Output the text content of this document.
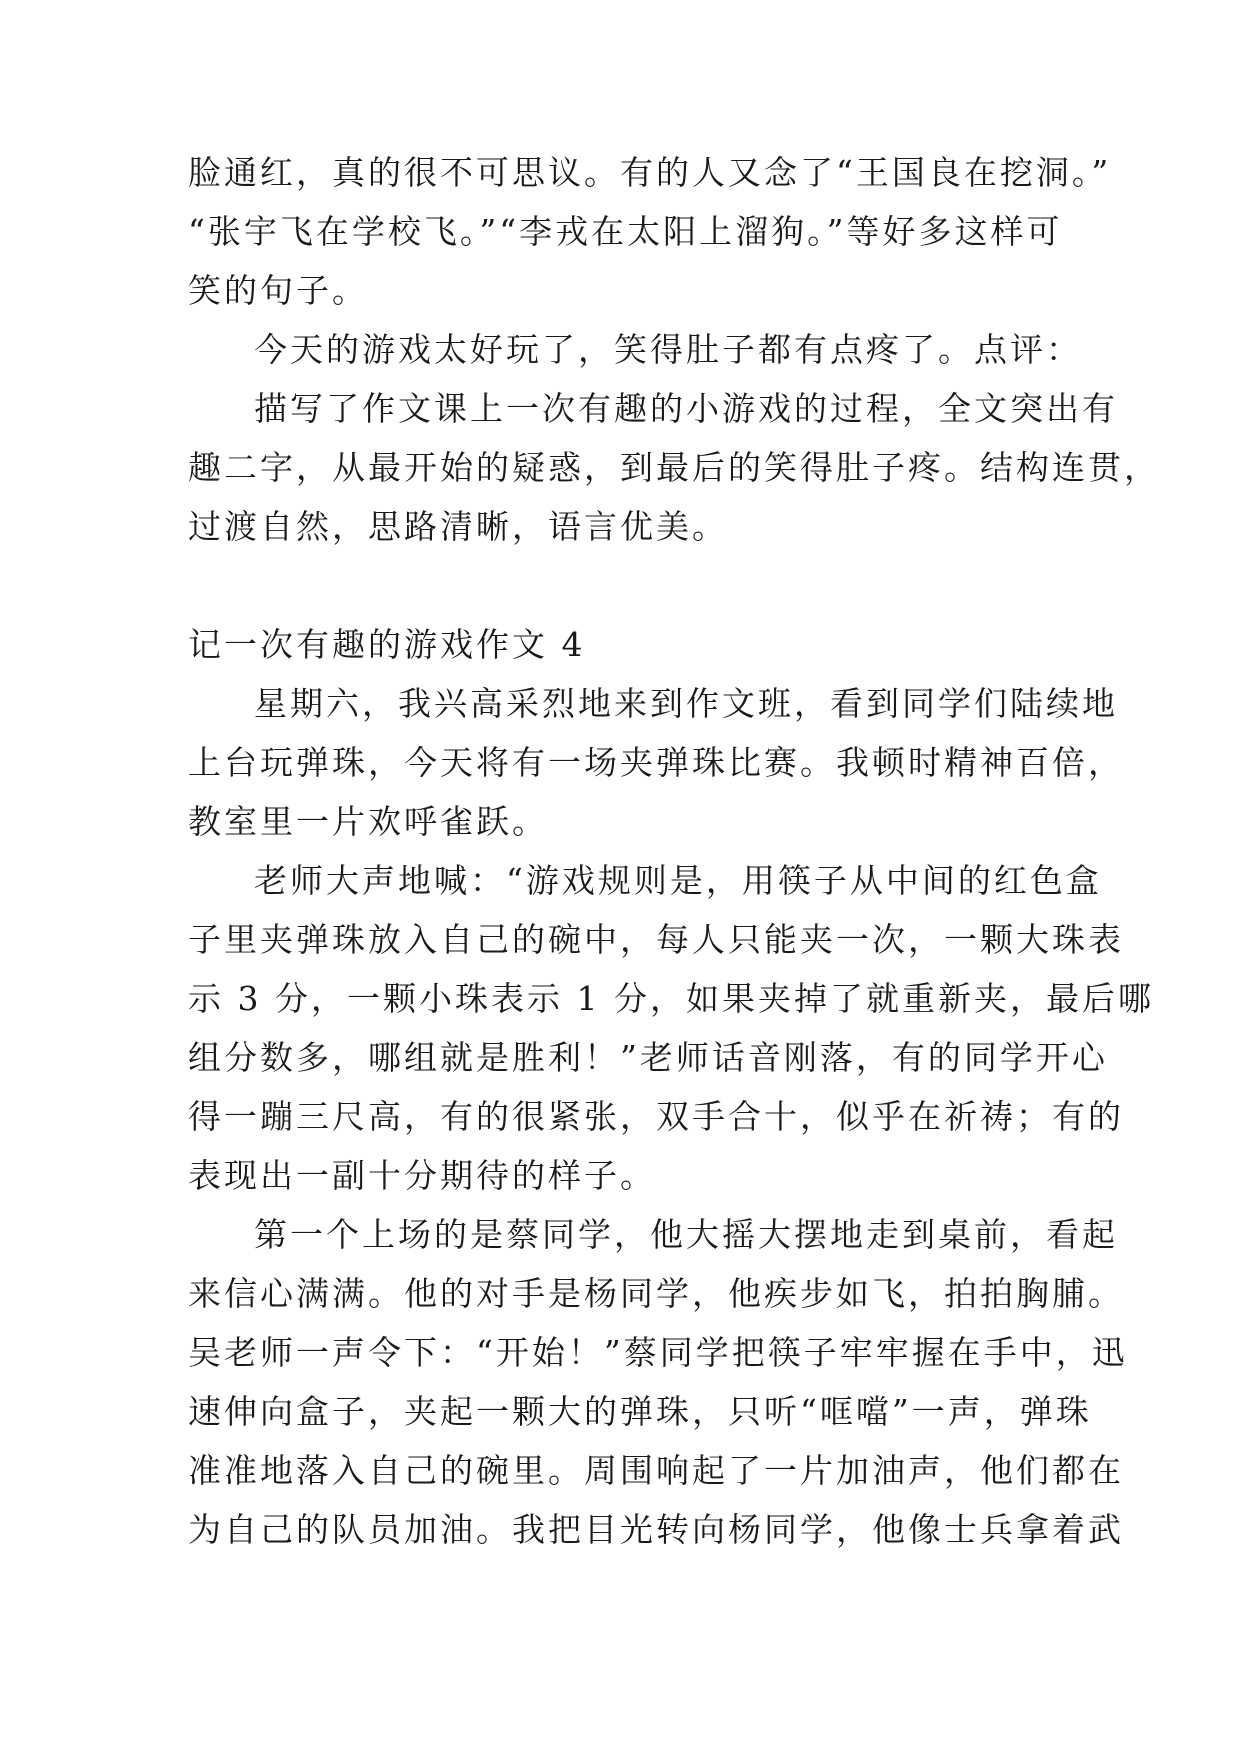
脸通红，真的很不可思议。有的人又念了“王国良在挖洞。”
“张宇飞在学校飞。”“李戎在太阳上溜狗。”等好多这样可
笑的句子。
今天的游戏太好玩了，笑得肚子都有点疼了。点评：
描写了作文课上一次有趣的小游戏的过程，全文突出有
趣二字，从最开始的疑惑，到最后的笑得肚子疼。结构连贯，
过渡自然，思路清晰，语言优美。
记一次有趣的游戏作文 4
星期六，我兴高采烈地来到作文班，看到同学们陆续地
上台玩弹珠，今天将有一场夹弹珠比赛。我顿时精神百倍，
教室里一片欢呼雀跃。
老师大声地喊：“游戏规则是，用筷子从中间的红色盒
子里夹弹珠放入自己的碗中，每人只能夹一次，一颗大珠表
示 3 分，一颗小珠表示 1 分，如果夹掉了就重新夹，最后哪
组分数多，哪组就是胜利！”老师话音刚落，有的同学开心
得一蹦三尺高，有的很紧张，双手合十，似乎在祈祷；有的
表现出一副十分期待的样子。
第一个上场的是蔡同学，他大摇大摆地走到桌前，看起
来信心满满。他的对手是杨同学，他疾步如飞，拍拍胸脯。
吴老师一声令下：“开始！”蔡同学把筷子牢牢握在手中，迅
速伸向盒子，夹起一颗大的弹珠，只听“哐噹”一声，弹珠
准准地落入自己的碗里。周围响起了一片加油声，他们都在
为自己的队员加油。我把目光转向杨同学，他像士兵拿着武
